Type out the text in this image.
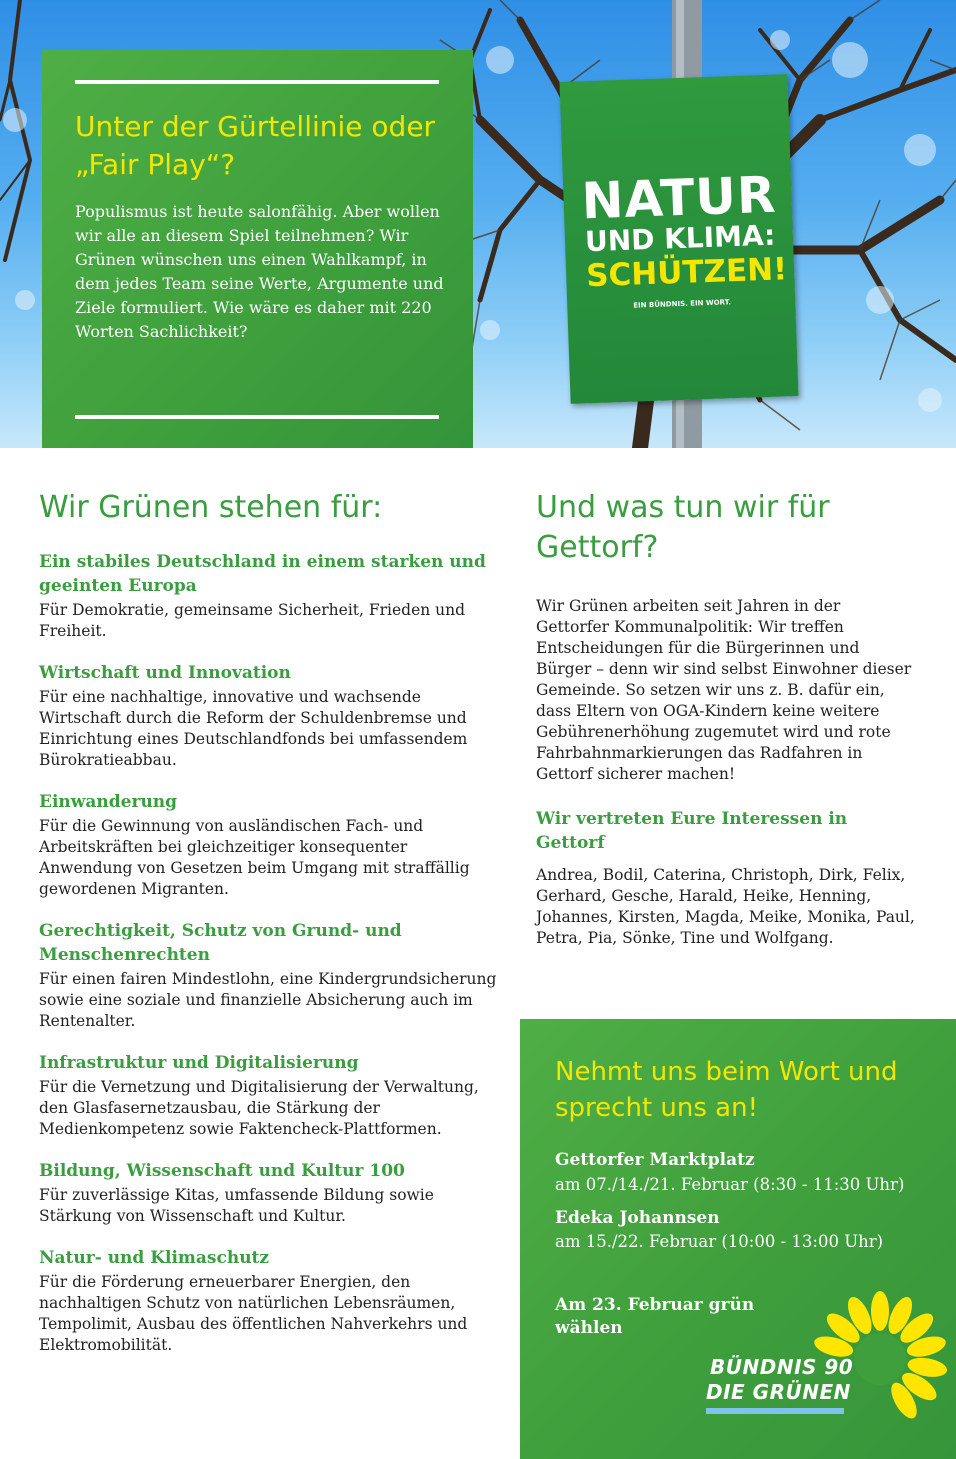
NATUR
UND KLIMA:
SCHÜTZEN!
EIN BÜNDNIS. EIN WORT.
Unter der Gürtellinie oder „Fair Play“?

Populismus ist heute salonfähig. Aber wollen wir alle an diesem Spiel teilnehmen? Wir Grünen wünschen uns einen Wahlkampf, in dem jedes Team seine Werte, Argumente und Ziele formuliert. Wie wäre es daher mit 220 Worten Sachlichkeit?

Wir Grünen stehen für:
Ein stabiles Deutschland in einem starken und geeinten Europa

Für Demokratie, gemeinsame Sicherheit, Frieden und Freiheit.

Wirtschaft und Innovation

Für eine nachhaltige, innovative und wachsende Wirtschaft durch die Reform der Schuldenbremse und Einrichtung eines Deutschlandfonds bei umfassendem Bürokratieabbau.

Einwanderung

Für die Gewinnung von ausländischen Fach- und Arbeitskräften bei gleichzeitiger konsequenter Anwendung von Gesetzen beim Umgang mit straffällig gewordenen Migranten.

Gerechtigkeit, Schutz von Grund- und Menschenrechten

Für einen fairen Mindestlohn, eine Kindergrundsicherung sowie eine soziale und finanzielle Absicherung auch im Rentenalter.

Infrastruktur und Digitalisierung

Für die Vernetzung und Digitalisierung der Verwaltung, den Glasfasernetzausbau, die Stärkung der Medienkompetenz sowie Faktencheck-Plattformen.

Bildung, Wissenschaft und Kultur 100

Für zuverlässige Kitas, umfassende Bildung sowie Stärkung von Wissenschaft und Kultur.

Natur- und Klimaschutz

Für die Förderung erneuerbarer Energien, den nachhaltigen Schutz von natürlichen Lebensräumen, Tempolimit, Ausbau des öffentlichen Nahverkehrs und Elektromobilität.

Und was tun wir für Gettorf?

Wir Grünen arbeiten seit Jahren in der Gettorfer Kommunalpolitik: Wir treffen Entscheidungen für die Bürgerinnen und Bürger – denn wir sind selbst Einwohner dieser Gemeinde. So setzen wir uns z. B. dafür ein, dass Eltern von OGA-Kindern keine weitere Gebührenerhöhung zugemutet wird und rote Fahrbahnmarkierungen das Radfahren in Gettorf sicherer machen!

Wir vertreten Eure Interessen in Gettorf

Andrea, Bodil, Caterina, Christoph, Dirk, Felix, Gerhard, Gesche, Harald, Heike, Henning, Johannes, Kirsten, Magda, Meike, Monika, Paul, Petra, Pia, Sönke, Tine und Wolfgang.

Nehmt uns beim Wort und sprecht uns an!

Gettorfer Marktplatz

am 07./14./21. Februar (8:30 - 11:30 Uhr)

Edeka Johannsen

am 15./22. Februar (10:00 - 13:00 Uhr)

Am 23. Februar grün wählen

BÜNDNIS 90
DIE GRÜNEN
